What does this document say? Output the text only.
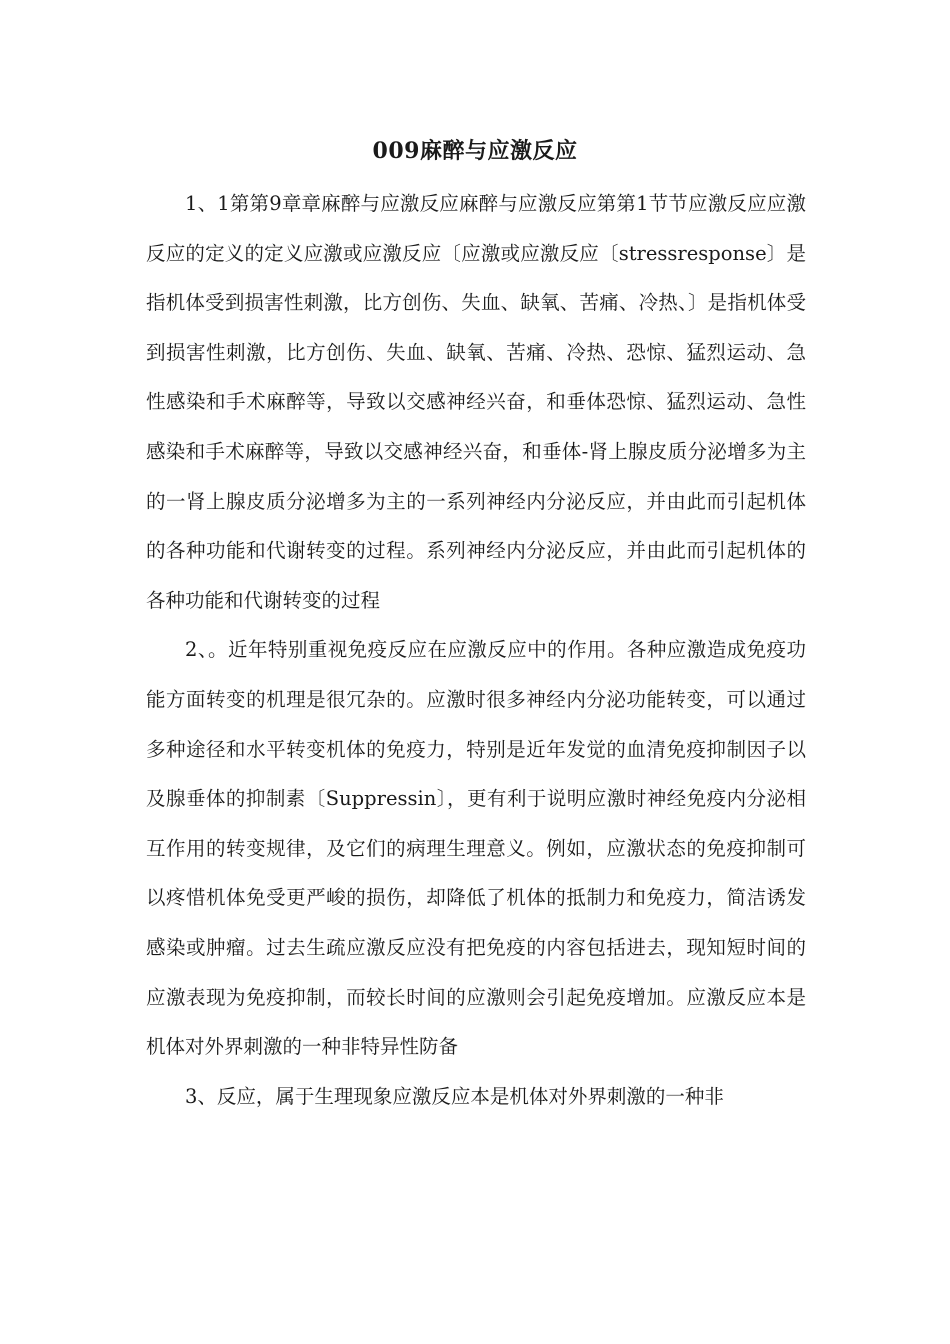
009麻醉与应激反应

1、1第第9章章麻醉与应激反应麻醉与应激反应第第1节节应激反应应激反应的定义的定义应激或应激反应〔应激或应激反应〔stressresponse〕是指机体受到损害性刺激，比方创伤、失血、缺氧、苦痛、冷热、〕是指机体受到损害性刺激，比方创伤、失血、缺氧、苦痛、冷热、恐惊、猛烈运动、急性感染和手术麻醉等，导致以交感神经兴奋，和垂体恐惊、猛烈运动、急性感染和手术麻醉等，导致以交感神经兴奋，和垂体-肾上腺皮质分泌增多为主的一肾上腺皮质分泌增多为主的一系列神经内分泌反应，并由此而引起机体的各种功能和代谢转变的过程。系列神经内分泌反应，并由此而引起机体的各种功能和代谢转变的过程

2、。近年特别重视免疫反应在应激反应中的作用。各种应激造成免疫功能方面转变的机理是很冗杂的。应激时很多神经内分泌功能转变，可以通过多种途径和水平转变机体的免疫力，特别是近年发觉的血清免疫抑制因子以及腺垂体的抑制素〔Suppressin〕，更有利于说明应激时神经免疫内分泌相互作用的转变规律，及它们的病理生理意义。例如，应激状态的免疫抑制可以疼惜机体免受更严峻的损伤，却降低了机体的抵制力和免疫力，简洁诱发感染或肿瘤。过去生疏应激反应没有把免疫的内容包括进去，现知短时间的应激表现为免疫抑制，而较长时间的应激则会引起免疫增加。应激反应本是机体对外界刺激的一种非特异性防备

3、反应，属于生理现象应激反应本是机体对外界刺激的一种非
